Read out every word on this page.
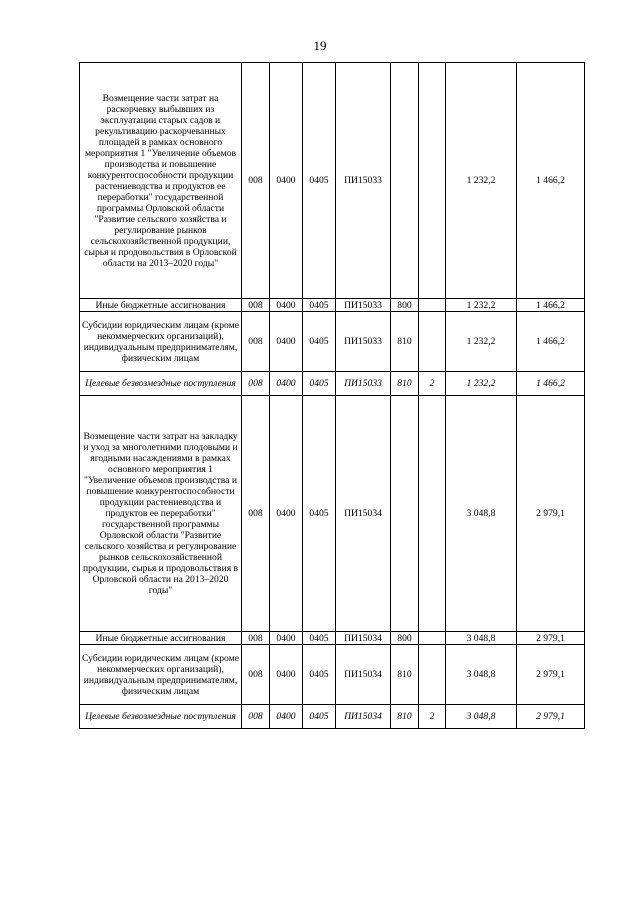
19
Возмещение части затрат на раскорчевку выбывших из эксплуатации старых садов и рекультивацию раскорчеванных площадей в рамках основного мероприятия 1 "Увеличение объемов производства и повышение конкурентоспособности продукции растениеводства и продуктов ее переработки" государственной программы Орловской области "Развитие сельского хозяйства и регулирование рынков сельскохозяйственной продукции, сырья и продовольствия в Орловской области на 2013–2020 годы"	008	0400	0405	ПИ15033			1 232,2	1 466,2
Иные бюджетные ассигнования	008	0400	0405	ПИ15033	800		1 232,2	1 466,2
Субсидии юридическим лицам (кроме некоммерческих организаций), индивидуальным предпринимателям, физическим лицам	008	0400	0405	ПИ15033	810		1 232,2	1 466,2
Целевые безвозмездные поступления	008	0400	0405	ПИ15033	810	2	1 232,2	1 466,2
Возмещение части затрат на закладку и уход за многолетними плодовыми и ягодными насаждениями в рамках основного мероприятия 1 "Увеличение объемов производства и повышение конкурентоспособности продукции растениеводства и продуктов ее переработки" государственной программы Орловской области "Развитие сельского хозяйства и регулирование рынков сельскохозяйственной продукции, сырья и продовольствия в Орловской области на 2013–2020 годы"	008	0400	0405	ПИ15034			3 048,8	2 979,1
Иные бюджетные ассигнования	008	0400	0405	ПИ15034	800		3 048,8	2 979,1
Субсидии юридическим лицам (кроме некоммерческих организаций), индивидуальным предпринимателям, физическим лицам	008	0400	0405	ПИ15034	810		3 048,8	2 979,1
Целевые безвозмездные поступления	008	0400	0405	ПИ15034	810	2	3 048,8	2 979,1
